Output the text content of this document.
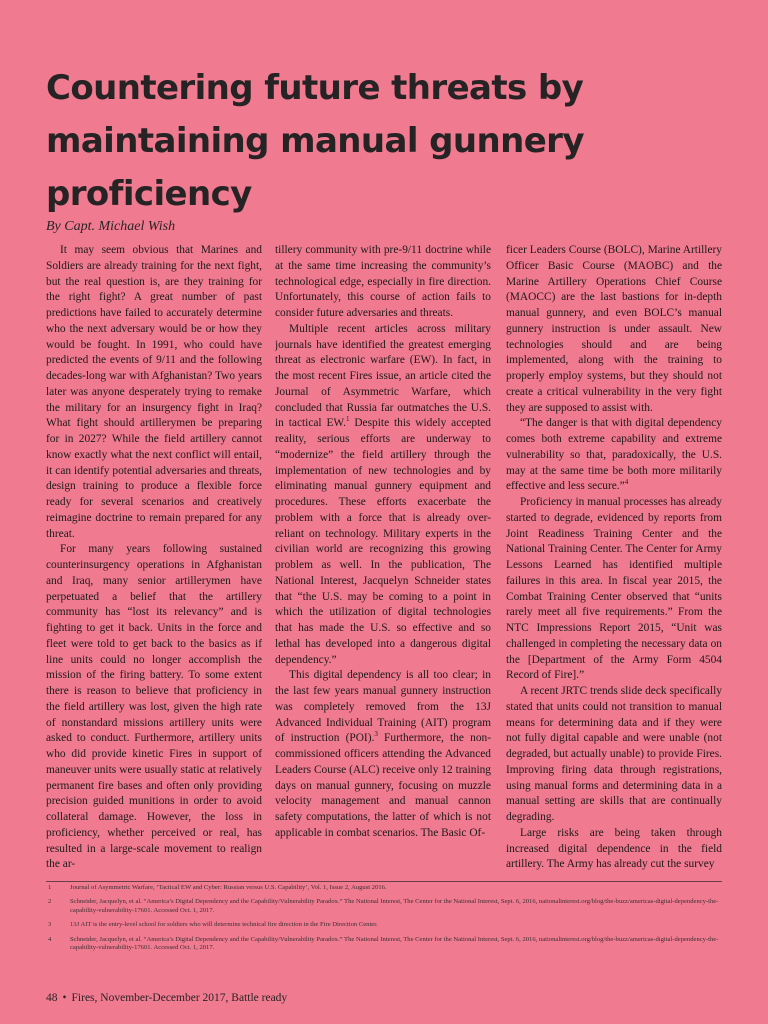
Countering future threats by maintaining manual gunnery proficiency
By Capt. Michael Wish

It may seem obvious that Marines and Soldiers are already training for the next fight, but the real question is, are they training for the right fight? A great number of past predictions have failed to accurately determine who the next adversary would be or how they would be fought. In 1991, who could have predicted the events of 9/11 and the following decades-long war with Afghanistan? Two years later was anyone desperately trying to remake the military for an insurgency fight in Iraq? What fight should artillerymen be preparing for in 2027? While the field artillery cannot know exactly what the next conflict will entail, it can identify potential adversaries and threats, design training to produce a flexible force ready for several scenarios and creatively reimagine doctrine to remain prepared for any threat.

For many years following sustained counterinsurgency operations in Afghanistan and Iraq, many senior artillerymen have perpetuated a belief that the artillery community has “lost its relevancy” and is fighting to get it back. Units in the force and fleet were told to get back to the basics as if line units could no longer accomplish the mission of the firing battery. To some extent there is reason to believe that proficiency in the field artillery was lost, given the high rate of nonstandard missions artillery units were asked to conduct. Furthermore, artillery units who did provide kinetic Fires in support of maneuver units were usually static at relatively permanent fire bases and often only providing precision guided munitions in order to avoid collateral damage. However, the loss in proficiency, whether perceived or real, has resulted in a large-scale movement to realign the ar-

tillery community with pre-9/11 doctrine while at the same time increasing the community’s technological edge, especially in fire direction. Unfortunately, this course of action fails to consider future adversaries and threats.

Multiple recent articles across military journals have identified the greatest emerging threat as electronic warfare (EW). In fact, in the most recent Fires issue, an article cited the Journal of Asymmetric Warfare, which concluded that Russia far outmatches the U.S. in tactical EW.$^1$ Despite this widely accepted reality, serious efforts are underway to “modernize” the field artillery through the implementation of new technologies and by eliminating manual gunnery equipment and procedures. These efforts exacerbate the problem with a force that is already over-reliant on technology. Military experts in the civilian world are recognizing this growing problem as well. In the publication, The National Interest, Jacquelyn Schneider states that “the U.S. may be coming to a point in which the utilization of digital technologies that has made the U.S. so effective and so lethal has developed into a dangerous digital dependency.”

This digital dependency is all too clear; in the last few years manual gunnery instruction was completely removed from the 13J Advanced Individual Training (AIT) program of instruction (POI).$^3$ Furthermore, the non-commissioned officers attending the Advanced Leaders Course (ALC) receive only 12 training days on manual gunnery, focusing on muzzle velocity management and manual cannon safety computations, the latter of which is not applicable in combat scenarios. The Basic Of-

ficer Leaders Course (BOLC), Marine Artillery Officer Basic Course (MAOBC) and the Marine Artillery Operations Chief Course (MAOCC) are the last bastions for in-depth manual gunnery, and even BOLC’s manual gunnery instruction is under assault. New technologies should and are being implemented, along with the training to properly employ systems, but they should not create a critical vulnerability in the very fight they are supposed to assist with.

“The danger is that with digital dependency comes both extreme capability and extreme vulnerability so that, paradoxically, the U.S. may at the same time be both more militarily effective and less secure.”$^4$

Proficiency in manual processes has already started to degrade, evidenced by reports from Joint Readiness Training Center and the National Training Center. The Center for Army Lessons Learned has identified multiple failures in this area. In fiscal year 2015, the Combat Training Center observed that “units rarely meet all five requirements.” From the NTC Impressions Report 2015, “Unit was challenged in completing the necessary data on the [Department of the Army Form 4504 Record of Fire].”

A recent JRTC trends slide deck specifically stated that units could not transition to manual means for determining data and if they were not fully digital capable and were unable (not degraded, but actually unable) to provide Fires. Improving firing data through registrations, using manual forms and determining data in a manual setting are skills that are continually degrading.

Large risks are being taken through increased digital dependence in the field artillery. The Army has already cut the survey

1	Journal of Asymmetric Warfare, ‘Tactical EW and Cyber: Russian versus U.S. Capability’, Vol. 1, Issue 2, August 2016.
2	Schneider, Jacquelyn, et al. “America’s Digital Dependency and the Capability/Vulnerability Paradox.” The National Interest, The Center for the National Interest, Sept. 6, 2016, nationalinterest.org/blog/the-buzz/americas-digital-dependency-the-capability-vulnerability-17601. Accessed Oct. 1, 2017.
3	13J AIT is the entry-level school for soldiers who will determine technical fire direction in the Fire Direction Center.
4	Schneider, Jacquelyn, et al. “America’s Digital Dependency and the Capability/Vulnerability Paradox.” The National Interest, The Center for the National Interest, Sept. 6, 2016, nationalinterest.org/blog/the-buzz/americas-digital-dependency-the-capability-vulnerability-17601. Accessed Oct. 1, 2017.
48 • Fires, November-December 2017, Battle ready
